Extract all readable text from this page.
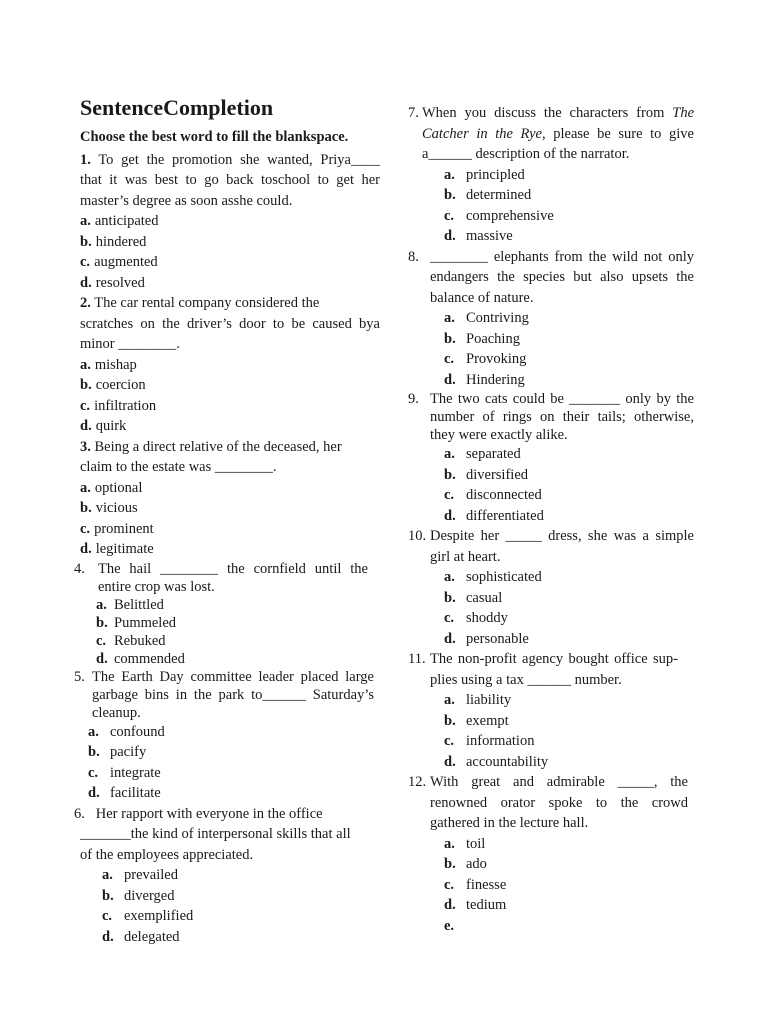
SentenceCompletion
Choose the best word to fill the blankspace.
1. To get the promotion she wanted, Priya____
that it was best to go back toschool to get her
master’s degree as soon asshe could.
a. anticipated
b. hindered
c. augmented
d. resolved
2. The car rental company considered the
scratches on the driver’s door to be caused bya
minor ________.
a. mishap
b. coercion
c. infiltration
d. quirk
3. Being a direct relative of the deceased, her
claim to the estate was ________.
a. optional
b. vicious
c. prominent
d. legitimate
4. The hail ________ the cornfield until the entire crop was lost.
a. Belittled
b. Pummeled
c. Rebuked
d. commended
5. The Earth Day committee leader placed large garbage bins in the park to______ Saturday’s cleanup.
a. confound
b. pacify
c. integrate
d. facilitate
6. Her rapport with everyone in the office
_______the kind of interpersonal skills that all
of the employees appreciated.
a. prevailed
b. diverged
c. exemplified
d. delegated
7. When you discuss the characters from The Catcher in the Rye, please be sure to give a______ description of the narrator.
a. principled
b. determined
c. comprehensive
d. massive
8. ________ elephants from the wild not only endangers the species but also upsets the balance of nature.
a. Contriving
b. Poaching
c. Provoking
d. Hindering
9. The two cats could be _______ only by the number of rings on their tails; otherwise, they were exactly alike.
a. separated
b. diversified
c. disconnected
d. differentiated
10. Despite her _____ dress, she was a simple girl at heart.
a. sophisticated
b. casual
c. shoddy
d. personable
11. The non-profit agency bought office sup-plies using a tax ______ number.
a. liability
b. exempt
c. information
d. accountability
12. With great and admirable _____, the renowned orator spoke to the crowd gathered in the lecture hall.
a. toil
b. ado
c. finesse
d. tedium
e.
